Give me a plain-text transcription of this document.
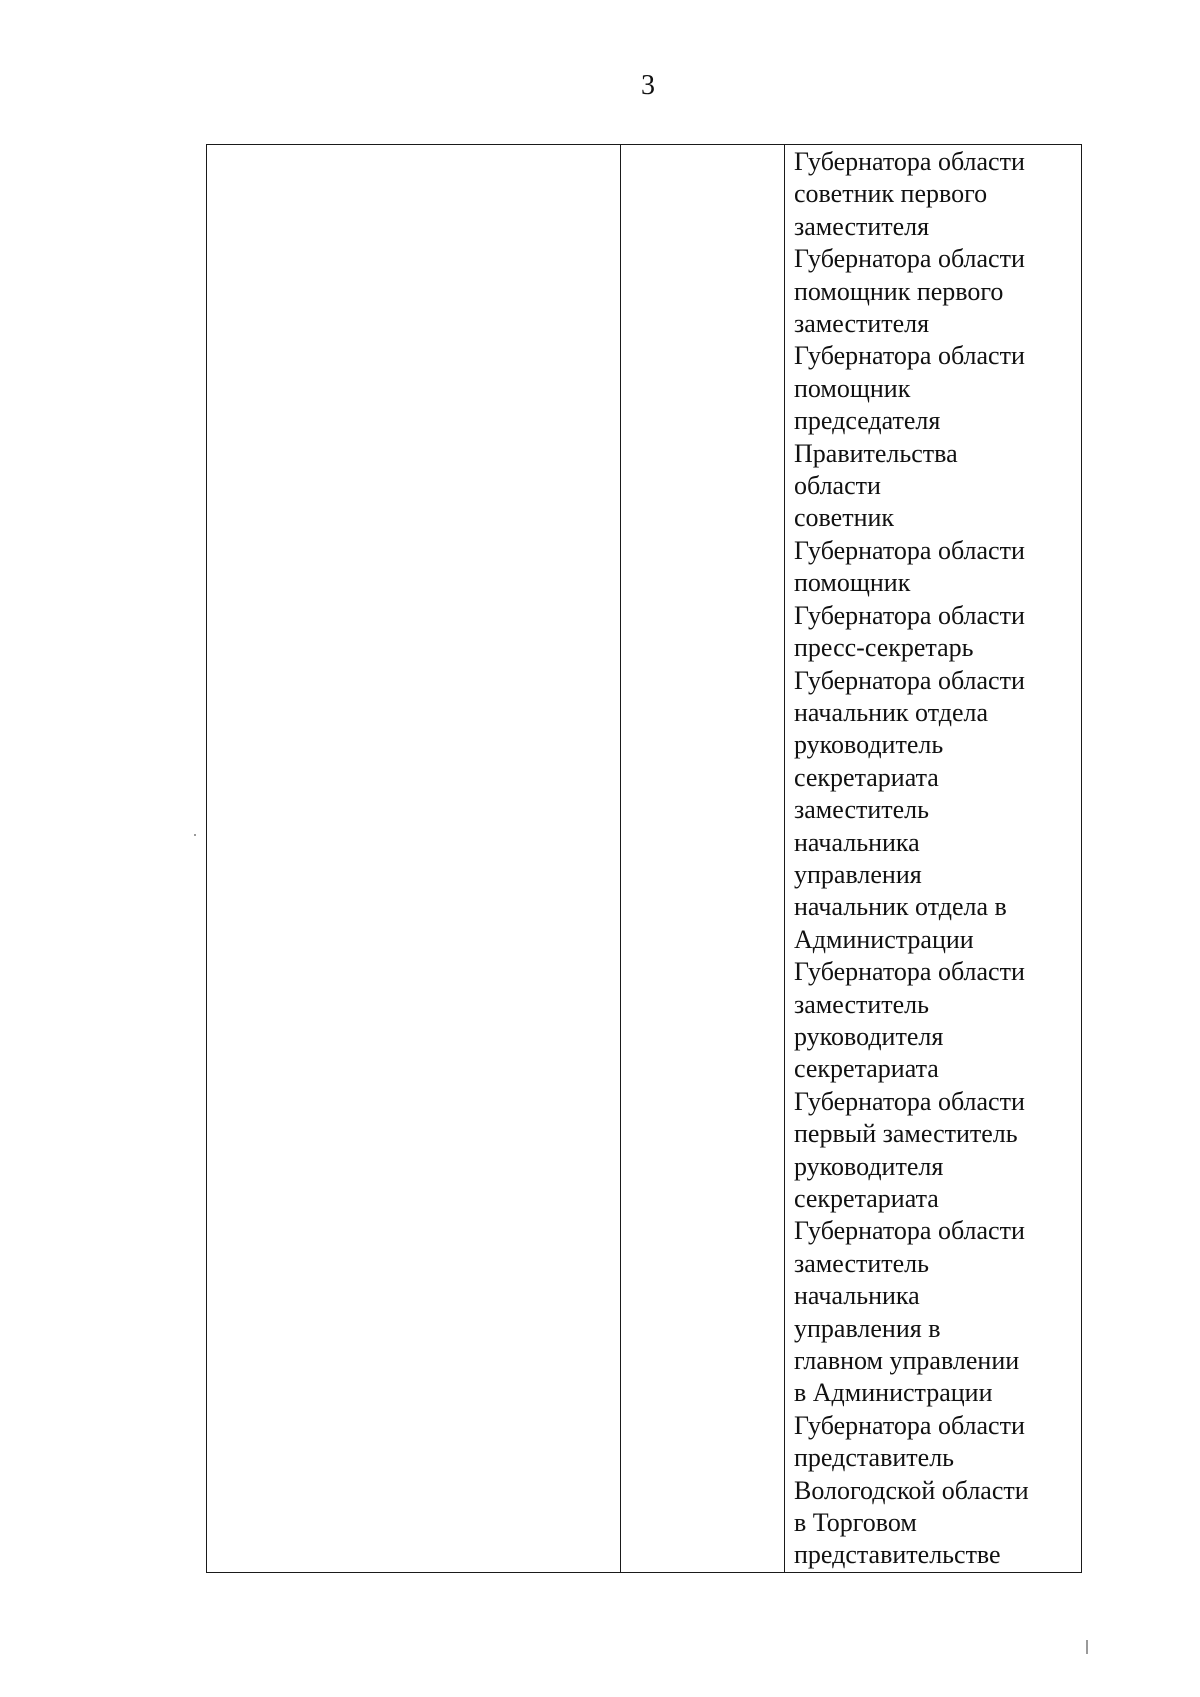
3

Губернатора области
советник первого
заместителя
Губернатора области
помощник первого
заместителя
Губернатора области
помощник
председателя
Правительства
области
советник
Губернатора области
помощник
Губернатора области
пресс-секретарь
Губернатора области
начальник отдела
руководитель
секретариата
заместитель
начальника
управления
начальник отдела в
Администрации
Губернатора области
заместитель
руководителя
секретариата
Губернатора области
первый заместитель
руководителя
секретариата
Губернатора области
заместитель
начальника
управления в
главном управлении
в Администрации
Губернатора области
представитель
Вологодской области
в Торговом
представительстве
